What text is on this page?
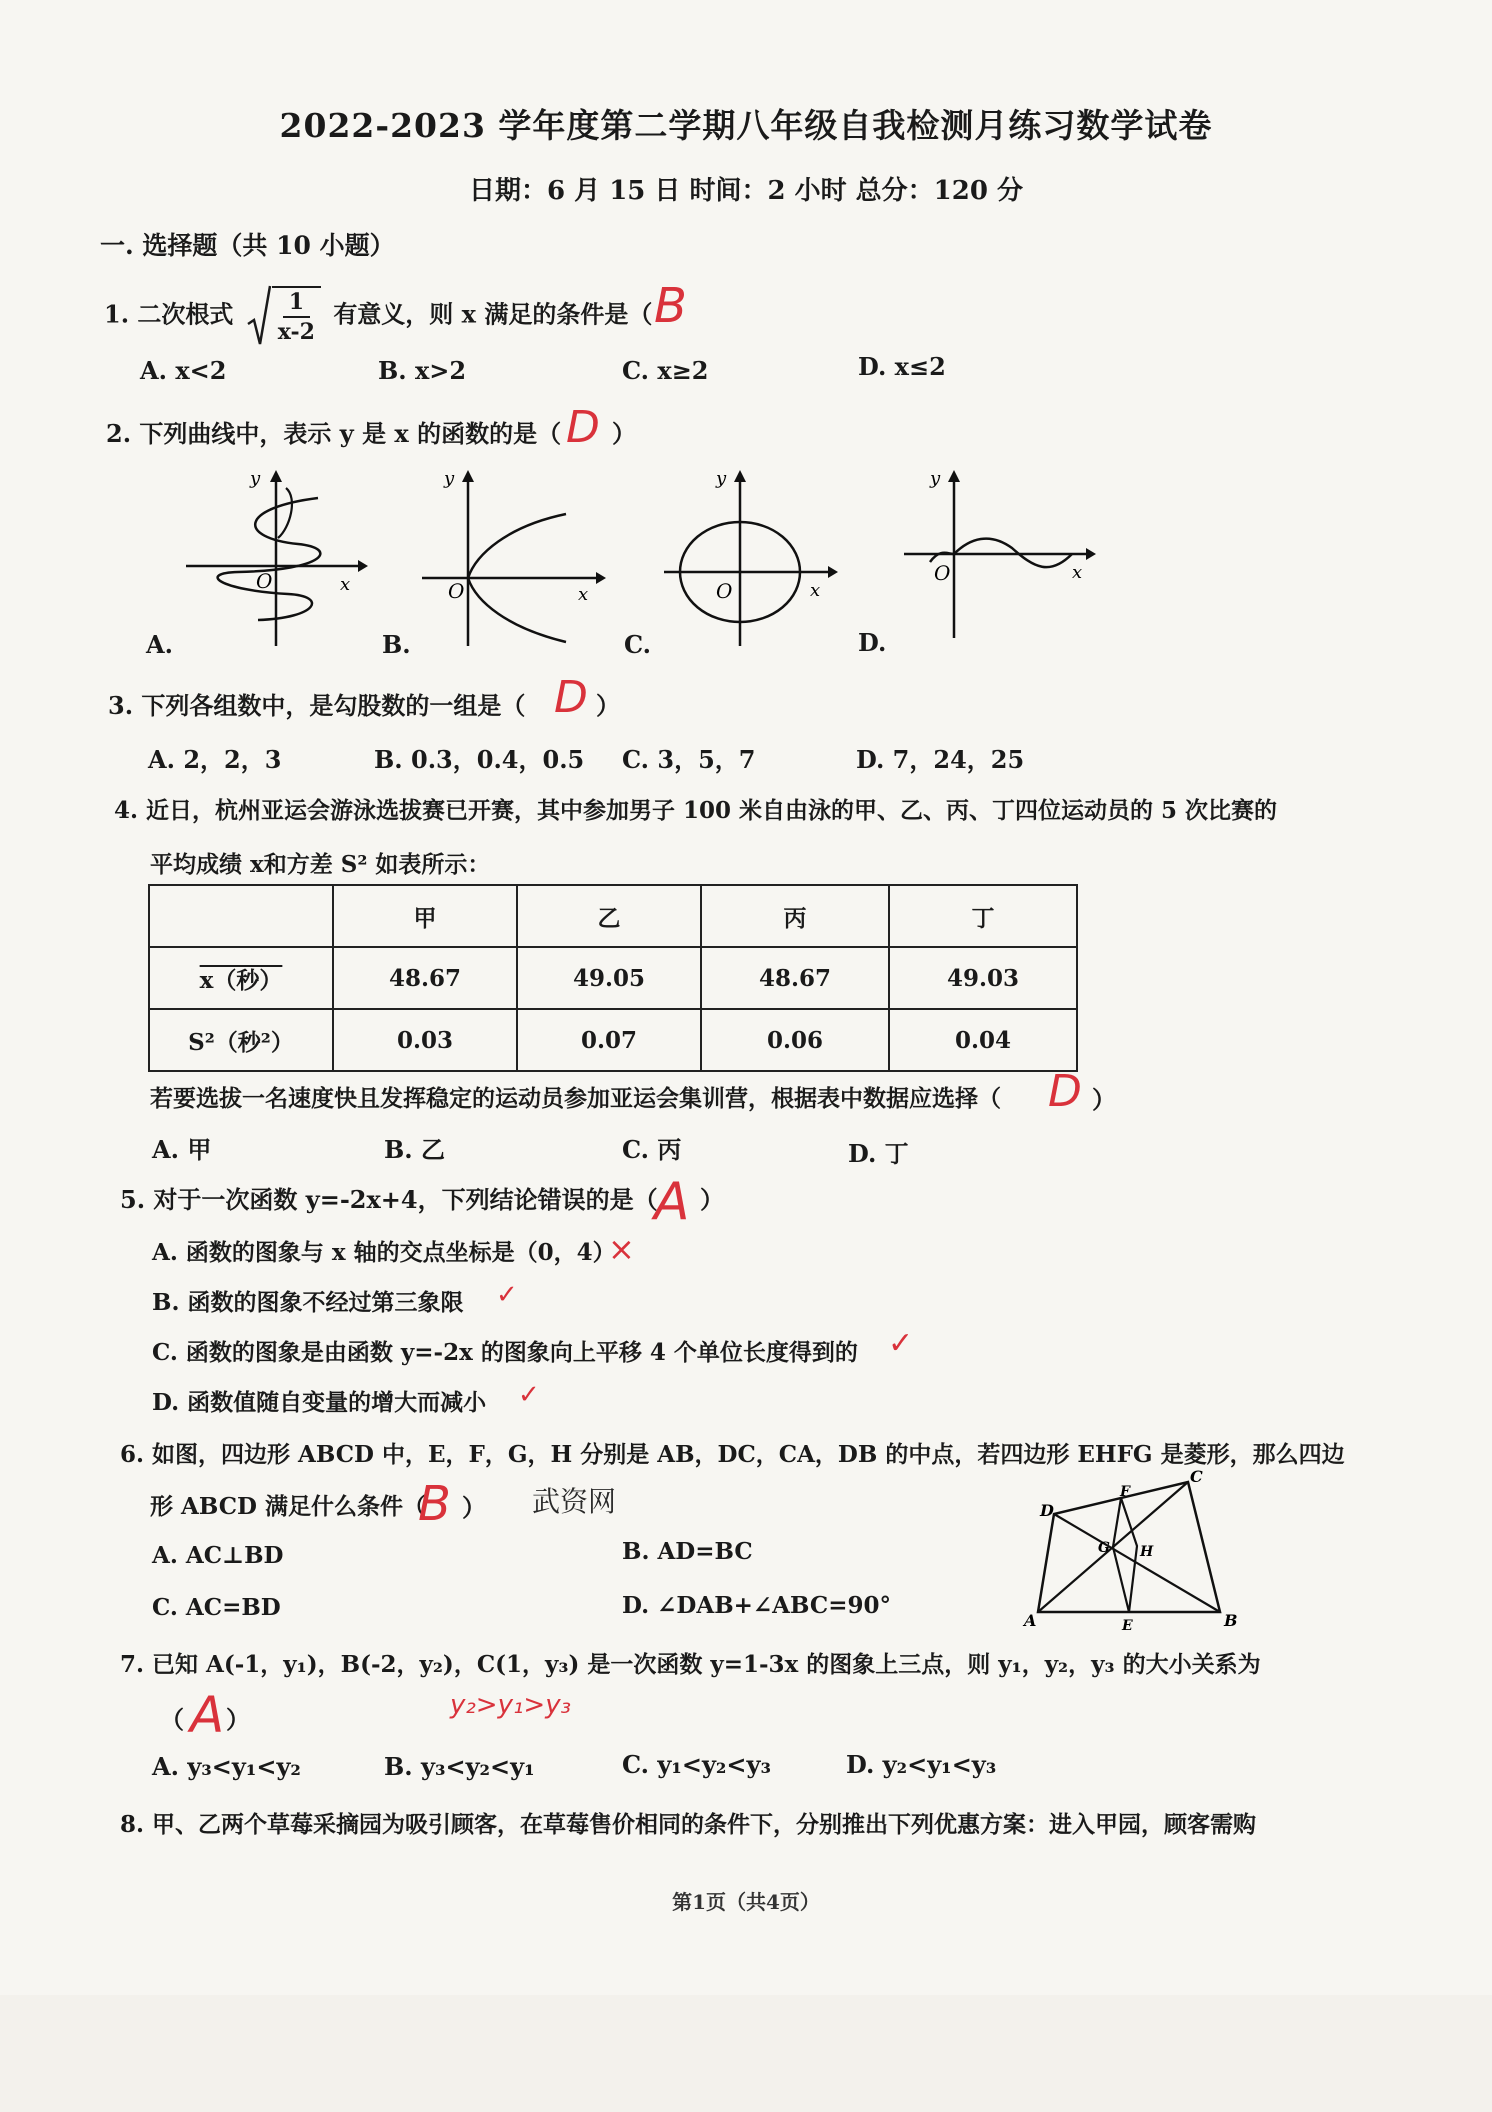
2022-2023 学年度第二学期八年级自我检测月练习数学试卷
日期：6 月 15 日 时间：2 小时 总分：120 分
一. 选择题（共 10 小题）
1. 二次根式 $\frac{1}{x-2}$ 有意义，则 x 满足的条件是（ B
A. x<2	B. x>2	C. x≥2	D. x≤2
2. 下列曲线中，表示 y 是 x 的函数的是（ D ）
O	x
y
O	x
y
O	x
y
O	x
y
A.	B.	C.	D.
3. 下列各组数中，是勾股数的一组是（ D ）
A. 2，2，3	B. 0.3，0.4，0.5 C. 3，5，7	D. 7，24，25
4. 近日，杭州亚运会游泳选拔赛已开赛，其中参加男子 100 米自由泳的甲、乙、丙、丁四位运动员的 5 次比赛的
平均成绩 x和方差 S² 如表所示：
	甲	乙	丙	丁
x（秒）	48.67	49.05	48.67	49.03
S²（秒²）	0.03	0.07	0.06	0.04
若要选拔一名速度快且发挥稳定的运动员参加亚运会集训营，根据表中数据应选择（ D ）
A. 甲	B. 乙	C. 丙	D. 丁
5. 对于一次函数 y=-2x+4，下列结论错误的是（
A ）
A. 函数的图象与 x 轴的交点坐标是（0，4）
×
B. 函数的图象不经过第三象限 ✓
C. 函数的图象是由函数 y=-2x 的图象向上平移 4 个单位长度得到的 ✓
D. 函数值随自变量的增大而减小 ✓
6. 如图，四边形 ABCD 中，E，F，G，H 分别是 AB，DC，CA，DB 的中点，若四边形 EHFG 是菱形，那么四边
形 ABCD 满足什么条件（
B ） 武资网
A. AC⊥BD	B. AD=BC
C. AC=BD	D. ∠DAB+∠ABC=90°
A	B
C
D
E
F
G H
7. 已知 A(-1，y₁)，B(-2，y₂)，C(1，y₃) 是一次函数 y=1-3x 的图象上三点，则 y₁，y₂，y₃ 的大小关系为
（ A ）	y₂>y₁>y₃
A. y₃<y₁<y₂	B. y₃<y₂<y₁	C. y₁<y₂<y₃	D. y₂<y₁<y₃
8. 甲、乙两个草莓采摘园为吸引顾客，在草莓售价相同的条件下，分别推出下列优惠方案：进入甲园，顾客需购
第1页（共4页）
